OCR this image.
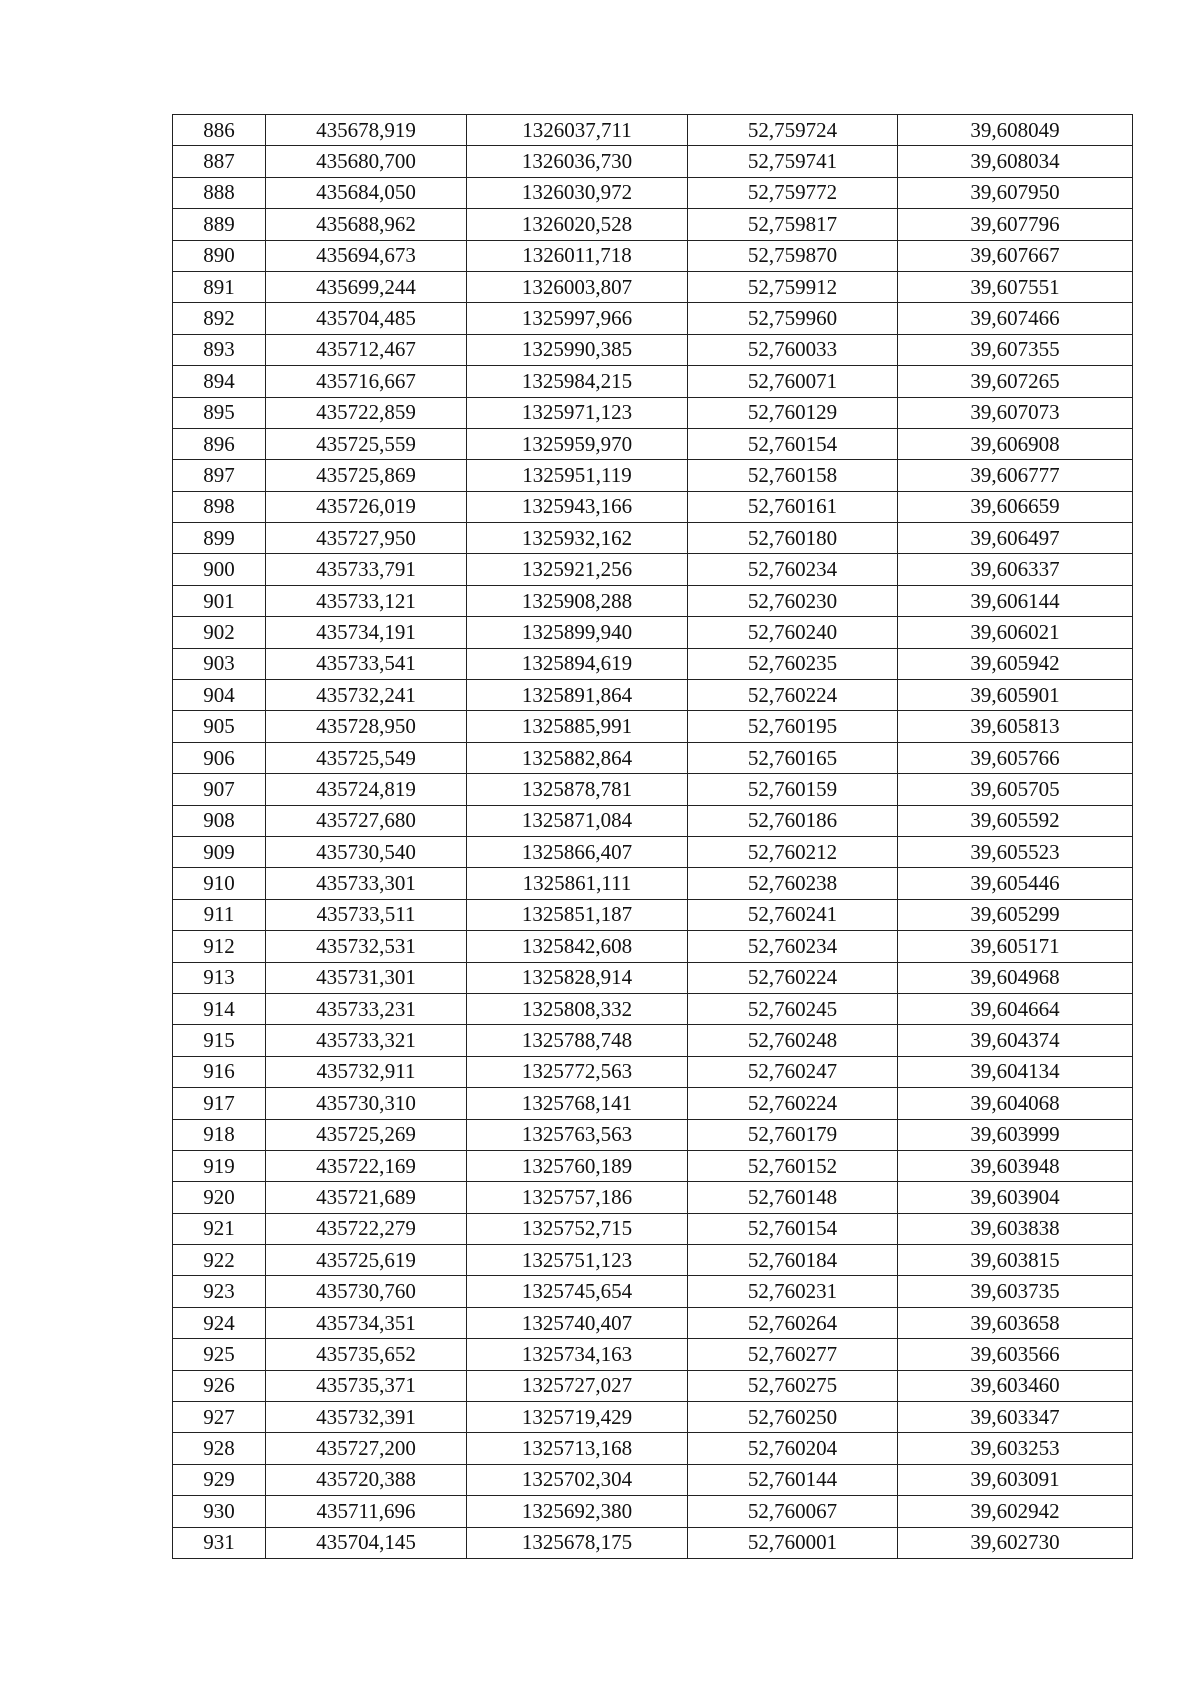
886	435678,919	1326037,711	52,759724	39,608049
887	435680,700	1326036,730	52,759741	39,608034
888	435684,050	1326030,972	52,759772	39,607950
889	435688,962	1326020,528	52,759817	39,607796
890	435694,673	1326011,718	52,759870	39,607667
891	435699,244	1326003,807	52,759912	39,607551
892	435704,485	1325997,966	52,759960	39,607466
893	435712,467	1325990,385	52,760033	39,607355
894	435716,667	1325984,215	52,760071	39,607265
895	435722,859	1325971,123	52,760129	39,607073
896	435725,559	1325959,970	52,760154	39,606908
897	435725,869	1325951,119	52,760158	39,606777
898	435726,019	1325943,166	52,760161	39,606659
899	435727,950	1325932,162	52,760180	39,606497
900	435733,791	1325921,256	52,760234	39,606337
901	435733,121	1325908,288	52,760230	39,606144
902	435734,191	1325899,940	52,760240	39,606021
903	435733,541	1325894,619	52,760235	39,605942
904	435732,241	1325891,864	52,760224	39,605901
905	435728,950	1325885,991	52,760195	39,605813
906	435725,549	1325882,864	52,760165	39,605766
907	435724,819	1325878,781	52,760159	39,605705
908	435727,680	1325871,084	52,760186	39,605592
909	435730,540	1325866,407	52,760212	39,605523
910	435733,301	1325861,111	52,760238	39,605446
911	435733,511	1325851,187	52,760241	39,605299
912	435732,531	1325842,608	52,760234	39,605171
913	435731,301	1325828,914	52,760224	39,604968
914	435733,231	1325808,332	52,760245	39,604664
915	435733,321	1325788,748	52,760248	39,604374
916	435732,911	1325772,563	52,760247	39,604134
917	435730,310	1325768,141	52,760224	39,604068
918	435725,269	1325763,563	52,760179	39,603999
919	435722,169	1325760,189	52,760152	39,603948
920	435721,689	1325757,186	52,760148	39,603904
921	435722,279	1325752,715	52,760154	39,603838
922	435725,619	1325751,123	52,760184	39,603815
923	435730,760	1325745,654	52,760231	39,603735
924	435734,351	1325740,407	52,760264	39,603658
925	435735,652	1325734,163	52,760277	39,603566
926	435735,371	1325727,027	52,760275	39,603460
927	435732,391	1325719,429	52,760250	39,603347
928	435727,200	1325713,168	52,760204	39,603253
929	435720,388	1325702,304	52,760144	39,603091
930	435711,696	1325692,380	52,760067	39,602942
931	435704,145	1325678,175	52,760001	39,602730
